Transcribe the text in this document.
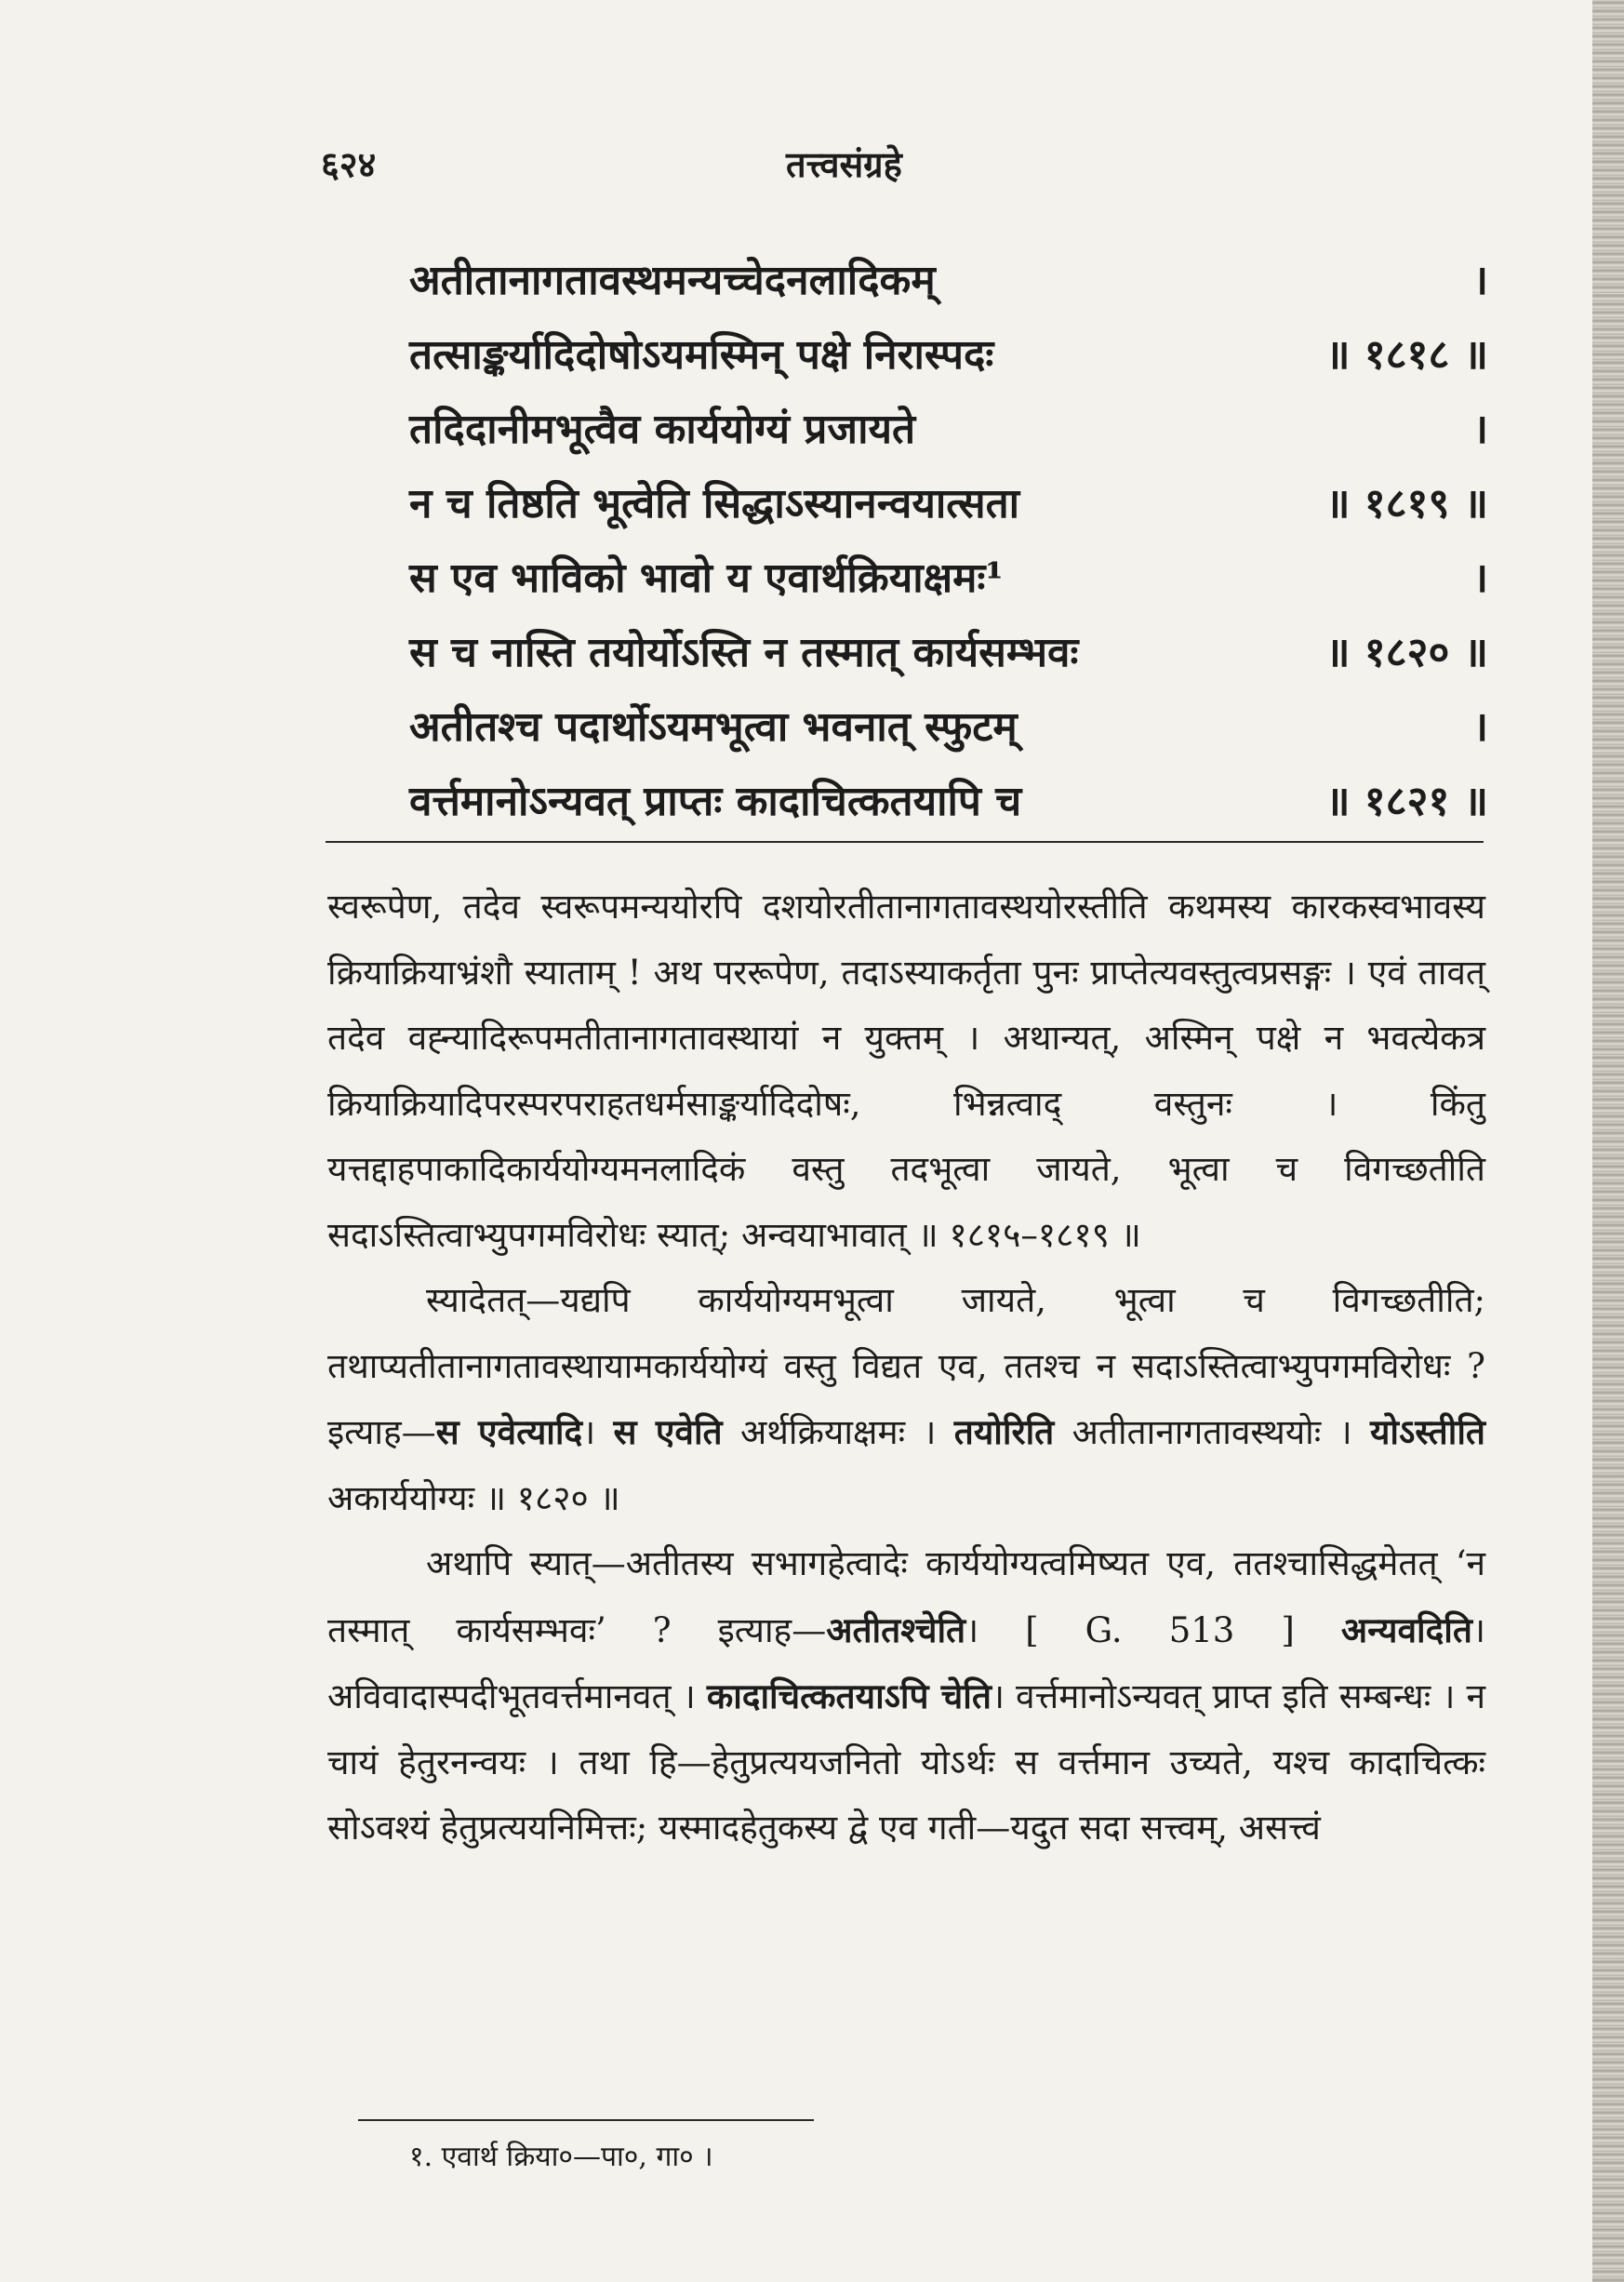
६२४	तत्त्वसंग्रहे
अतीतानागतावस्थमन्यच्चेदनलादिकम्	।
तत्साङ्कर्यादिदोषोऽयमस्मिन् पक्षे निरास्पदः	॥ १८१८ ॥
तदिदानीमभूत्वैव कार्ययोग्यं प्रजायते	।
न च तिष्ठति भूत्वेति सिद्धाऽस्यानन्वयात्सता	॥ १८१९ ॥
स एव भाविको भावो य एवार्थक्रियाक्षमः¹	।
स च नास्ति तयोर्योऽस्ति न तस्मात् कार्यसम्भवः	॥ १८२० ॥
अतीतश्च पदार्थोऽयमभूत्वा भवनात् स्फुटम्	।
वर्त्तमानोऽन्यवत् प्राप्तः कादाचित्कतयापि च	॥ १८२१ ॥

स्वरूपेण, तदेव स्वरूपमन्ययोरपि दशयोरतीतानागतावस्थयोरस्तीति कथमस्य कारकस्वभावस्य क्रियाक्रियाभ्रंशौ स्याताम् ! अथ पररूपेण, तदाऽस्याकर्तृता पुनः प्राप्तेत्यवस्तुत्वप्रसङ्गः । एवं तावत् तदेव वह्न्यादिरूपमतीतानागतावस्थायां न युक्तम् । अथान्यत्, अस्मिन् पक्षे न भवत्येकत्र क्रियाक्रियादिपरस्परपराहतधर्मसाङ्कर्यादिदोषः, भिन्नत्वाद् वस्तुनः । किंतु यत्तद्दाहपाकादिकार्ययोग्यमनलादिकं वस्तु तदभूत्वा जायते, भूत्वा च विगच्छतीति सदाऽस्तित्वाभ्युपगमविरोधः स्यात्; अन्वयाभावात् ॥ १८१५–१८१९ ॥

स्यादेतत्—यद्यपि कार्ययोग्यमभूत्वा जायते, भूत्वा च विगच्छतीति; तथाप्यतीतानागतावस्थायामकार्ययोग्यं वस्तु विद्यत एव, ततश्च न सदाऽस्तित्वाभ्युपगमविरोधः ? इत्याह—स एवेत्यादि। स एवेति अर्थक्रियाक्षमः । तयोरिति अतीतानागतावस्थयोः । योऽस्तीति अकार्ययोग्यः ॥ १८२० ॥

अथापि स्यात्—अतीतस्य सभागहेत्वादेः कार्ययोग्यत्वमिष्यत एव, ततश्चासिद्धमेतत् ‘न तस्मात् कार्यसम्भवः’ ? इत्याह—अतीतश्चेति। [ G. 513 ] अन्यवदिति। अविवादास्पदीभूतवर्त्तमानवत् । कादाचित्कतयाऽपि चेति। वर्त्तमानोऽन्यवत् प्राप्त इति सम्बन्धः । न चायं हेतुरनन्वयः । तथा हि—हेतुप्रत्ययजनितो योऽर्थः स वर्त्तमान उच्यते, यश्च कादाचित्कः सोऽवश्यं हेतुप्रत्ययनिमित्तः; यस्मादहेतुकस्य द्वे एव गती—यदुत सदा सत्त्वम्, असत्त्वं

१. एवार्थ क्रिया०—पा०, गा० ।
